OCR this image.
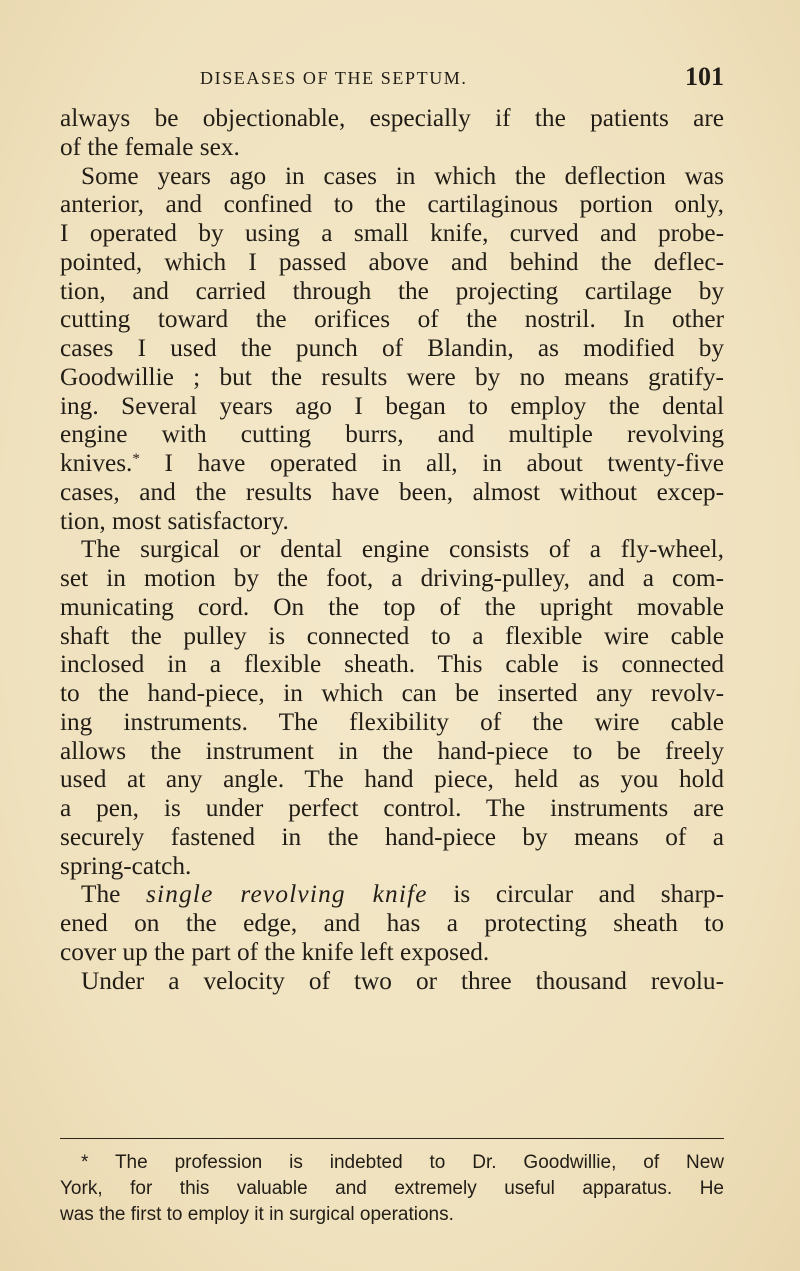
DISEASES OF THE SEPTUM.	101
always be objectionable, especially if the patients are
of the female sex.
Some years ago in cases in which the deflection was
anterior, and confined to the cartilaginous portion only,
I operated by using a small knife, curved and probe-
pointed, which I passed above and behind the deflec-
tion, and carried through the projecting cartilage by
cutting toward the orifices of the nostril. In other
cases I used the punch of Blandin, as modified by
Goodwillie ; but the results were by no means gratify-
ing. Several years ago I began to employ the dental
engine with cutting burrs, and multiple revolving
knives.* I have operated in all, in about twenty-five
cases, and the results have been, almost without excep-
tion, most satisfactory.
The surgical or dental engine consists of a fly-wheel,
set in motion by the foot, a driving-pulley, and a com-
municating cord. On the top of the upright movable
shaft the pulley is connected to a flexible wire cable
inclosed in a flexible sheath. This cable is connected
to the hand-piece, in which can be inserted any revolv-
ing instruments. The flexibility of the wire cable
allows the instrument in the hand-piece to be freely
used at any angle. The hand piece, held as you hold
a pen, is under perfect control. The instruments are
securely fastened in the hand-piece by means of a
spring-catch.
The single revolving knife is circular and sharp-
ened on the edge, and has a protecting sheath to
cover up the part of the knife left exposed.
Under a velocity of two or three thousand revolu-
* The profession is indebted to Dr. Goodwillie, of New
York, for this valuable and extremely useful apparatus. He
was the first to employ it in surgical operations.
